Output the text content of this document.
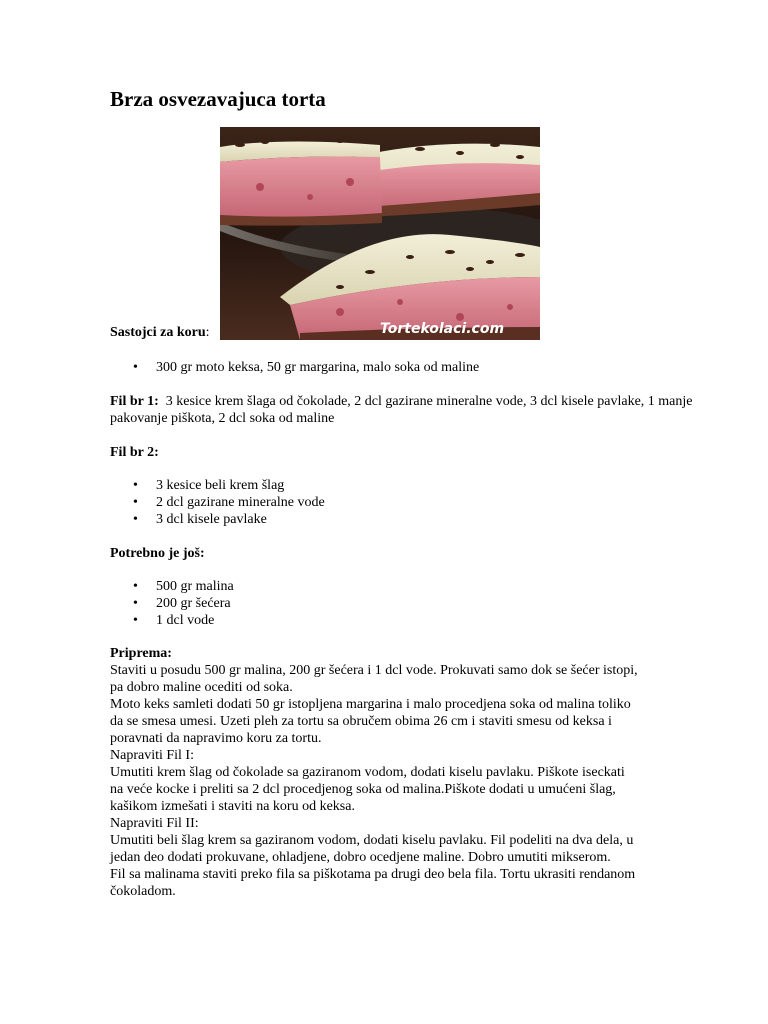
Brza osvezavajuca torta
Sastojci za koru:	Tortekolaci.com
• 300 gr moto keksa, 50 gr margarina, malo soka od maline
Fil br 1: 3 kesice krem šlaga od čokolade, 2 dcl gazirane mineralne vode, 3 dcl kisele pavlake, 1 manje pakovanje piškota, 2 dcl soka od maline
Fil br 2:
• 3 kesice beli krem šlag
• 2 dcl gazirane mineralne vode
• 3 dcl kisele pavlake
Potrebno je još:
• 500 gr malina
• 200 gr šećera
• 1 dcl vode
Priprema:
Staviti u posudu 500 gr malina, 200 gr šećera i 1 dcl vode. Prokuvati samo dok se šećer istopi,
pa dobro maline ocediti od soka.
Moto keks samleti dodati 50 gr istopljena margarina i malo procedjena soka od malina toliko
da se smesa umesi. Uzeti pleh za tortu sa obručem obima 26 cm i staviti smesu od keksa i
poravnati da napravimo koru za tortu.
Napraviti Fil I:
Umutiti krem šlag od čokolade sa gaziranom vodom, dodati kiselu pavlaku. Piškote iseckati
na veće kocke i preliti sa 2 dcl procedjenog soka od malina.Piškote dodati u umućeni šlag,
kašikom izmešati i staviti na koru od keksa.
Napraviti Fil II:
Umutiti beli šlag krem sa gaziranom vodom, dodati kiselu pavlaku. Fil podeliti na dva dela, u
jedan deo dodati prokuvane, ohladjene, dobro ocedjene maline. Dobro umutiti mikserom.
Fil sa malinama staviti preko fila sa piškotama pa drugi deo bela fila. Tortu ukrasiti rendanom
čokoladom.
